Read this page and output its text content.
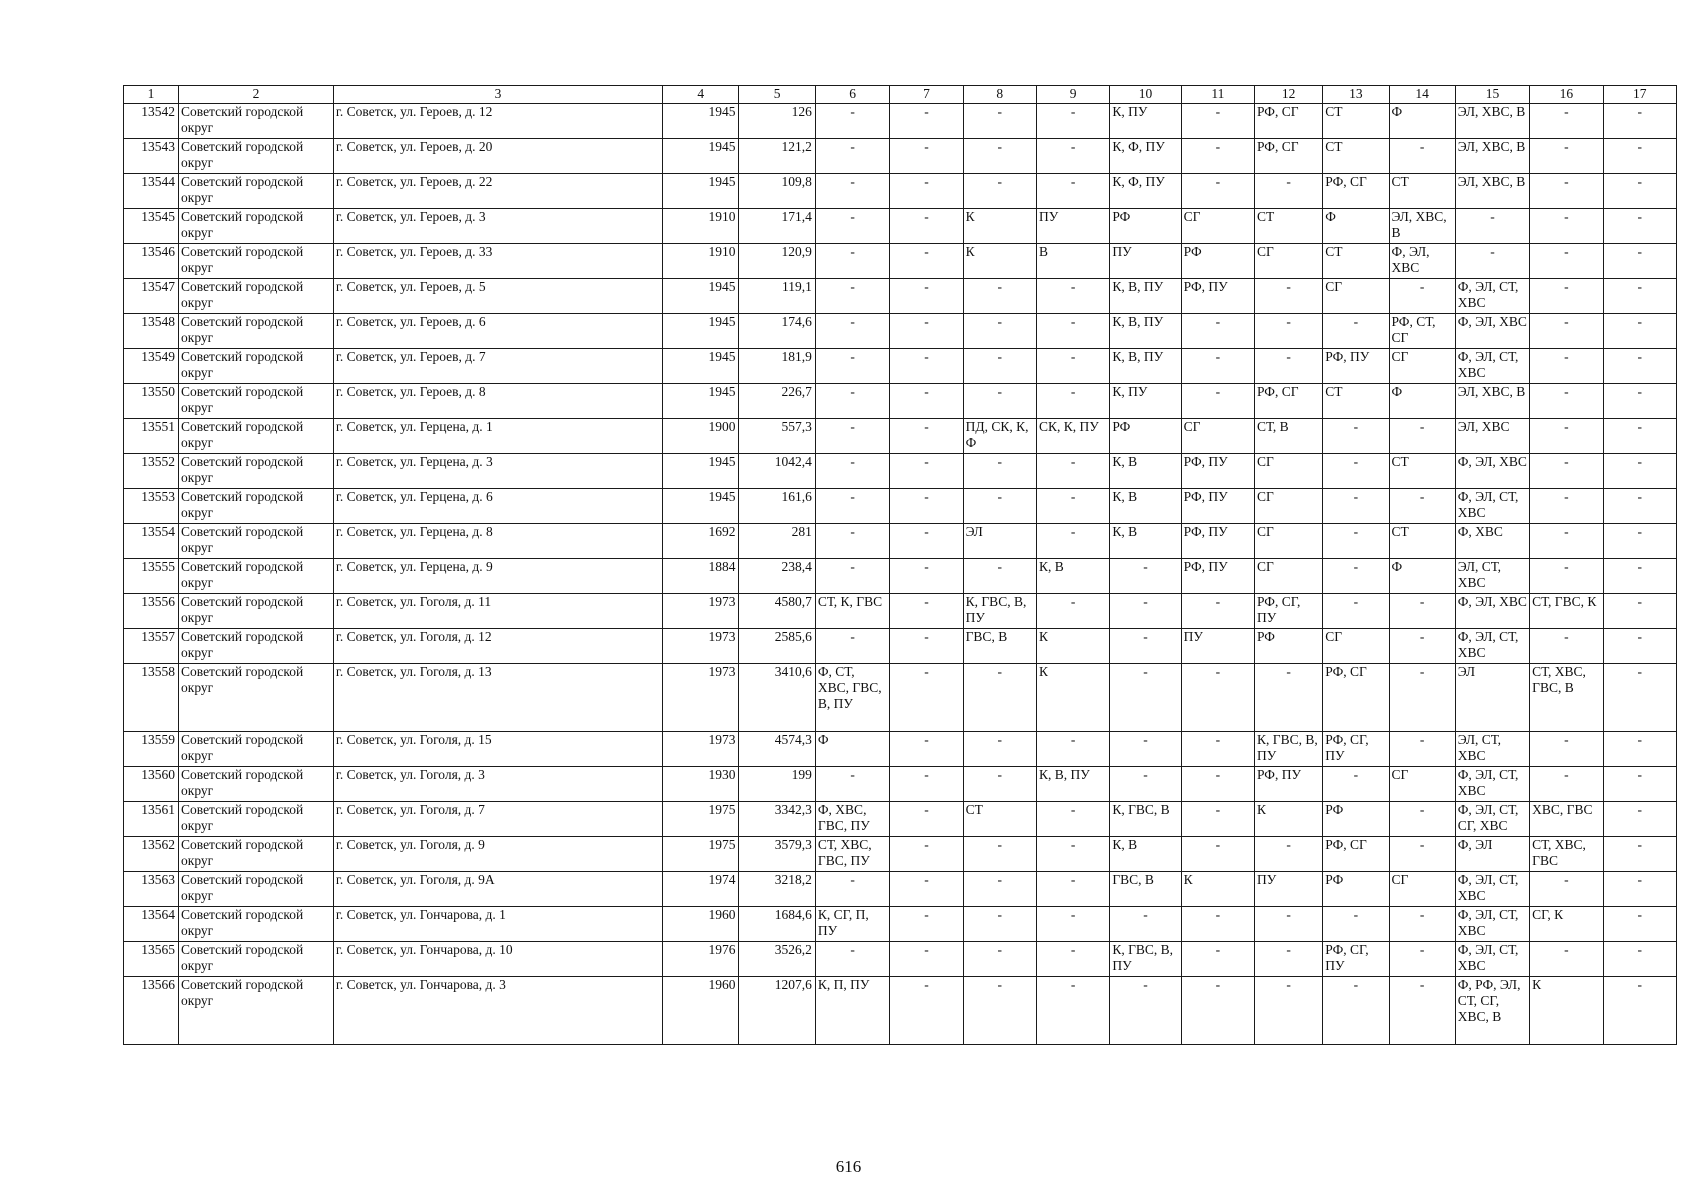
1	2	3	4	5	6	7	8	9	10	11	12	13	14	15	16	17
13542	Советский городской округ	г. Советск, ул. Героев, д. 12	1945	126	-	-	-	-	К, ПУ	-	РФ, СГ	СТ	Ф	ЭЛ, ХВС, В	-	-
13543	Советский городской округ	г. Советск, ул. Героев, д. 20	1945	121,2	-	-	-	-	К, Ф, ПУ	-	РФ, СГ	СТ	-	ЭЛ, ХВС, В	-	-
13544	Советский городской округ	г. Советск, ул. Героев, д. 22	1945	109,8	-	-	-	-	К, Ф, ПУ	-	-	РФ, СГ	СТ	ЭЛ, ХВС, В	-	-
13545	Советский городской округ	г. Советск, ул. Героев, д. 3	1910	171,4	-	-	К	ПУ	РФ	СГ	СТ	Ф	ЭЛ, ХВС, В	-	-	-
13546	Советский городской округ	г. Советск, ул. Героев, д. 33	1910	120,9	-	-	К	В	ПУ	РФ	СГ	СТ	Ф, ЭЛ, ХВС	-	-	-
13547	Советский городской округ	г. Советск, ул. Героев, д. 5	1945	119,1	-	-	-	-	К, В, ПУ	РФ, ПУ	-	СГ	-	Ф, ЭЛ, СТ, ХВС	-	-
13548	Советский городской округ	г. Советск, ул. Героев, д. 6	1945	174,6	-	-	-	-	К, В, ПУ	-	-	-	РФ, СТ, СГ	Ф, ЭЛ, ХВС	-	-
13549	Советский городской округ	г. Советск, ул. Героев, д. 7	1945	181,9	-	-	-	-	К, В, ПУ	-	-	РФ, ПУ	СГ	Ф, ЭЛ, СТ, ХВС	-	-
13550	Советский городской округ	г. Советск, ул. Героев, д. 8	1945	226,7	-	-	-	-	К, ПУ	-	РФ, СГ	СТ	Ф	ЭЛ, ХВС, В	-	-
13551	Советский городской округ	г. Советск, ул. Герцена, д. 1	1900	557,3	-	-	ПД, СК, К, Ф	СК, К, ПУ	РФ	СГ	СТ, В	-	-	ЭЛ, ХВС	-	-
13552	Советский городской округ	г. Советск, ул. Герцена, д. 3	1945	1042,4	-	-	-	-	К, В	РФ, ПУ	СГ	-	СТ	Ф, ЭЛ, ХВС	-	-
13553	Советский городской округ	г. Советск, ул. Герцена, д. 6	1945	161,6	-	-	-	-	К, В	РФ, ПУ	СГ	-	-	Ф, ЭЛ, СТ, ХВС	-	-
13554	Советский городской округ	г. Советск, ул. Герцена, д. 8	1692	281	-	-	ЭЛ	-	К, В	РФ, ПУ	СГ	-	СТ	Ф, ХВС	-	-
13555	Советский городской округ	г. Советск, ул. Герцена, д. 9	1884	238,4	-	-	-	К, В	-	РФ, ПУ	СГ	-	Ф	ЭЛ, СТ, ХВС	-	-
13556	Советский городской округ	г. Советск, ул. Гоголя, д. 11	1973	4580,7	СТ, К, ГВС	-	К, ГВС, В, ПУ	-	-	-	РФ, СГ, ПУ	-	-	Ф, ЭЛ, ХВС	СТ, ГВС, К	-
13557	Советский городской округ	г. Советск, ул. Гоголя, д. 12	1973	2585,6	-	-	ГВС, В	К	-	ПУ	РФ	СГ	-	Ф, ЭЛ, СТ, ХВС	-	-
13558	Советский городской округ	г. Советск, ул. Гоголя, д. 13	1973	3410,6	Ф, СТ, ХВС, ГВС, В, ПУ	-	-	К	-	-	-	РФ, СГ	-	ЭЛ	СТ, ХВС, ГВС, В	-
13559	Советский городской округ	г. Советск, ул. Гоголя, д. 15	1973	4574,3	Ф	-	-	-	-	-	К, ГВС, В, ПУ	РФ, СГ, ПУ	-	ЭЛ, СТ, ХВС	-	-
13560	Советский городской округ	г. Советск, ул. Гоголя, д. 3	1930	199	-	-	-	К, В, ПУ	-	-	РФ, ПУ	-	СГ	Ф, ЭЛ, СТ, ХВС	-	-
13561	Советский городской округ	г. Советск, ул. Гоголя, д. 7	1975	3342,3	Ф, ХВС, ГВС, ПУ	-	СТ	-	К, ГВС, В	-	К	РФ	-	Ф, ЭЛ, СТ, СГ, ХВС	ХВС, ГВС	-
13562	Советский городской округ	г. Советск, ул. Гоголя, д. 9	1975	3579,3	СТ, ХВС, ГВС, ПУ	-	-	-	К, В	-	-	РФ, СГ	-	Ф, ЭЛ	СТ, ХВС, ГВС	-
13563	Советский городской округ	г. Советск, ул. Гоголя, д. 9А	1974	3218,2	-	-	-	-	ГВС, В	К	ПУ	РФ	СГ	Ф, ЭЛ, СТ, ХВС	-	-
13564	Советский городской округ	г. Советск, ул. Гончарова, д. 1	1960	1684,6	К, СГ, П, ПУ	-	-	-	-	-	-	-	-	Ф, ЭЛ, СТ, ХВС	СГ, К	-
13565	Советский городской округ	г. Советск, ул. Гончарова, д. 10	1976	3526,2	-	-	-	-	К, ГВС, В, ПУ	-	-	РФ, СГ, ПУ	-	Ф, ЭЛ, СТ, ХВС	-	-
13566	Советский городской округ	г. Советск, ул. Гончарова, д. 3	1960	1207,6	К, П, ПУ	-	-	-	-	-	-	-	-	Ф, РФ, ЭЛ, СТ, СГ, ХВС, В	К	-
616
